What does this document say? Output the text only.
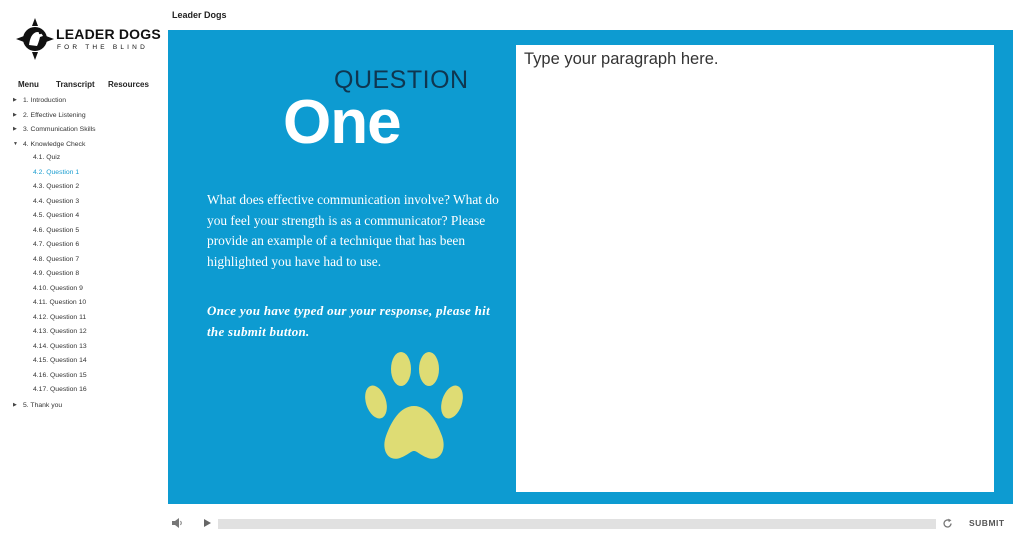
LEADER DOGS
FOR THE BLIND
Menu	Transcript	Resources
▶ 1. Introduction
▶ 2. Effective Listening
▶ 3. Communication Skills
▼ 4. Knowledge Check
4.1. Quiz
4.2. Question 1
4.3. Question 2
4.4. Question 3
4.5. Question 4
4.6. Question 5
4.7. Question 6
4.8. Question 7
4.9. Question 8
4.10. Question 9
4.11. Question 10
4.12. Question 11
4.13. Question 12
4.14. Question 13
4.15. Question 14
4.16. Question 15
4.17. Question 16
▶ 5. Thank you
Leader Dogs
QUESTION
One
What does effective communication involve? What do you feel your strength is as a communicator? Please provide an example of a technique that has been highlighted you have had to use.
Once you have typed our your response, please hit the submit button.
Type your paragraph here.
SUBMIT
